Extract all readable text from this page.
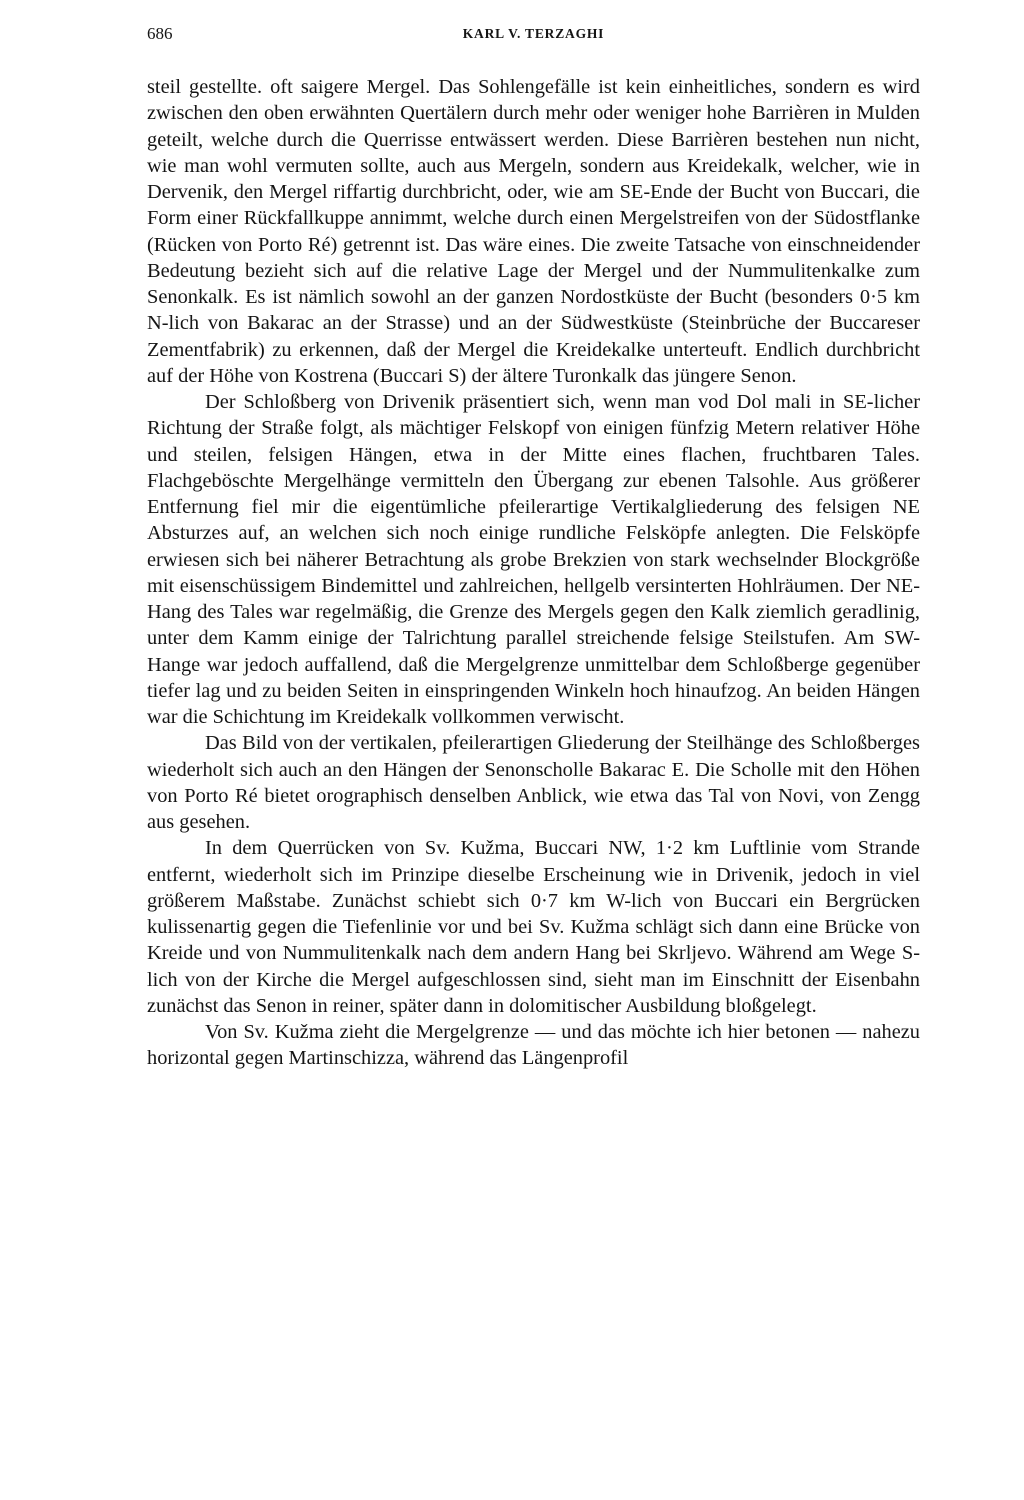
686	KARL V. TERZAGHI

steil gestellte. oft saigere Mergel. Das Sohlengefälle ist kein einheitliches, sondern es wird zwischen den oben erwähnten Quertälern durch mehr oder weniger hohe Barrièren in Mulden geteilt, welche durch die Querrisse entwässert werden. Diese Barrièren bestehen nun nicht, wie man wohl vermuten sollte, auch aus Mergeln, sondern aus Kreidekalk, welcher, wie in Dervenik, den Mergel riffartig durchbricht, oder, wie am SE-Ende der Bucht von Buccari, die Form einer Rückfallkuppe annimmt, welche durch einen Mergelstreifen von der Südostflanke (Rücken von Porto Ré) getrennt ist. Das wäre eines. Die zweite Tatsache von einschneidender Bedeutung bezieht sich auf die relative Lage der Mergel und der Nummulitenkalke zum Senonkalk. Es ist nämlich sowohl an der ganzen Nordostküste der Bucht (besonders 0·5 km N-lich von Bakarac an der Strasse) und an der Südwestküste (Steinbrüche der Buccareser Zementfabrik) zu erkennen, daß der Mergel die Kreidekalke unterteuft. Endlich durchbricht auf der Höhe von Kostrena (Buccari S) der ältere Turonkalk das jüngere Senon.

Der Schloßberg von Drivenik präsentiert sich, wenn man vod Dol mali in SE-licher Richtung der Straße folgt, als mächtiger Felskopf von einigen fünfzig Metern relativer Höhe und steilen, felsigen Hängen, etwa in der Mitte eines flachen, fruchtbaren Tales. Flachgeböschte Mergelhänge vermitteln den Übergang zur ebenen Talsohle. Aus größerer Entfernung fiel mir die eigentümliche pfeilerartige Vertikalgliederung des felsigen NE Absturzes auf, an welchen sich noch einige rundliche Felsköpfe anlegten. Die Felsköpfe erwiesen sich bei näherer Betrachtung als grobe Brekzien von stark wechselnder Blockgröße mit eisenschüssigem Bindemittel und zahlreichen, hellgelb versinterten Hohlräumen. Der NE-Hang des Tales war regelmäßig, die Grenze des Mergels gegen den Kalk ziemlich geradlinig, unter dem Kamm einige der Talrichtung parallel streichende felsige Steilstufen. Am SW-Hange war jedoch auffallend, daß die Mergelgrenze unmittelbar dem Schloßberge gegenüber tiefer lag und zu beiden Seiten in einspringenden Winkeln hoch hinaufzog. An beiden Hängen war die Schichtung im Kreidekalk vollkommen verwischt.

Das Bild von der vertikalen, pfeilerartigen Gliederung der Steilhänge des Schloßberges wiederholt sich auch an den Hängen der Senonscholle Bakarac E. Die Scholle mit den Höhen von Porto Ré bietet orographisch denselben Anblick, wie etwa das Tal von Novi, von Zengg aus gesehen.

In dem Querrücken von Sv. Kužma, Buccari NW, 1·2 km Luftlinie vom Strande entfernt, wiederholt sich im Prinzipe dieselbe Erscheinung wie in Drivenik, jedoch in viel größerem Maßstabe. Zunächst schiebt sich 0·7 km W-lich von Buccari ein Bergrücken kulissenartig gegen die Tiefenlinie vor und bei Sv. Kužma schlägt sich dann eine Brücke von Kreide und von Nummulitenkalk nach dem andern Hang bei Skrljevo. Während am Wege S-lich von der Kirche die Mergel aufgeschlossen sind, sieht man im Einschnitt der Eisenbahn zunächst das Senon in reiner, später dann in dolomitischer Ausbildung bloßgelegt.

Von Sv. Kužma zieht die Mergelgrenze — und das möchte ich hier betonen — nahezu horizontal gegen Martinschizza, während das Längenprofil
